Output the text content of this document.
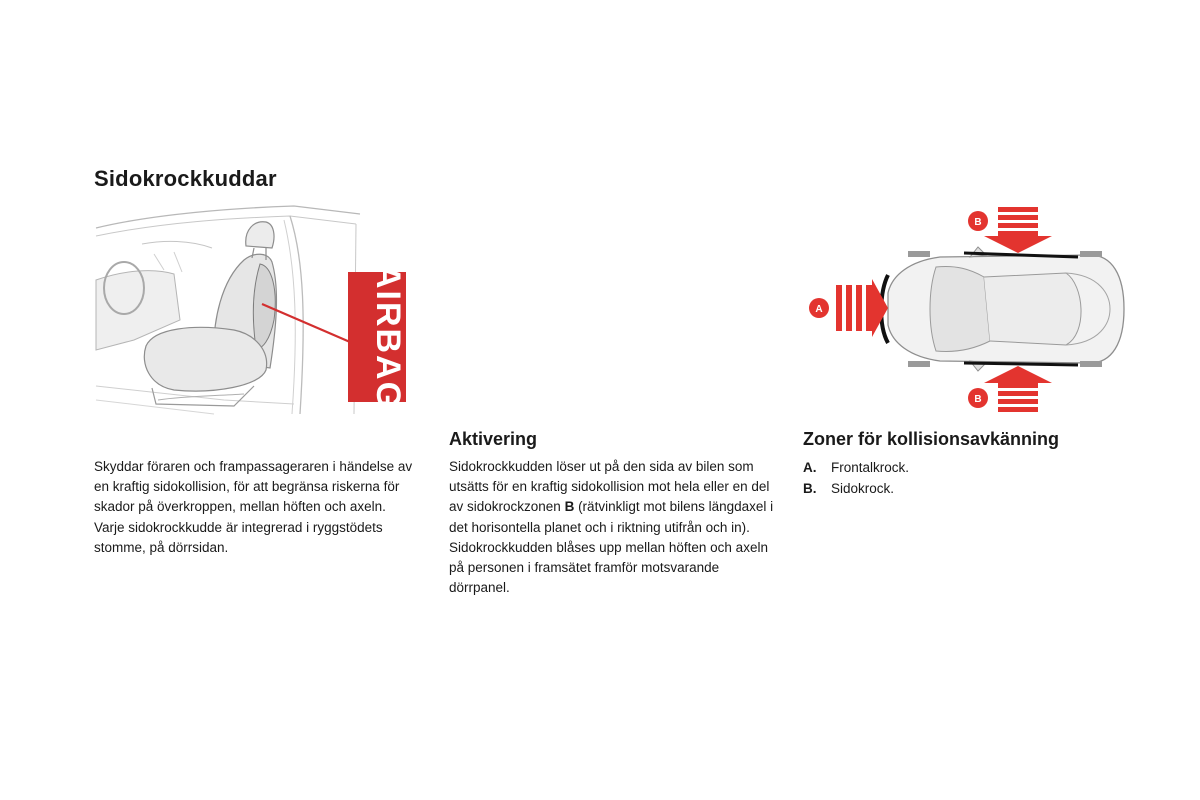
Sidokrockkuddar
AIRBAG

Skyddar föraren och frampassageraren i händelse av en kraftig sidokollision, för att begränsa riskerna för skador på överkroppen, mellan höften och axeln.

Varje sidokrockkudde är integrerad i ryggstödets stomme, på dörrsidan.

Aktivering

Sidokrockkudden löser ut på den sida av bilen som utsätts för en kraftig sidokollision mot hela eller en del av sidokrockzonen B (rätvinkligt mot bilens längdaxel i det horisontella planet och i riktning utifrån och in).

Sidokrockkudden blåses upp mellan höften och axeln på personen i framsätet framför motsvarande dörrpanel.

A
B
B
Zoner för kollisionsavkänning
A.	Frontalkrock.
B.	Sidokrock.
